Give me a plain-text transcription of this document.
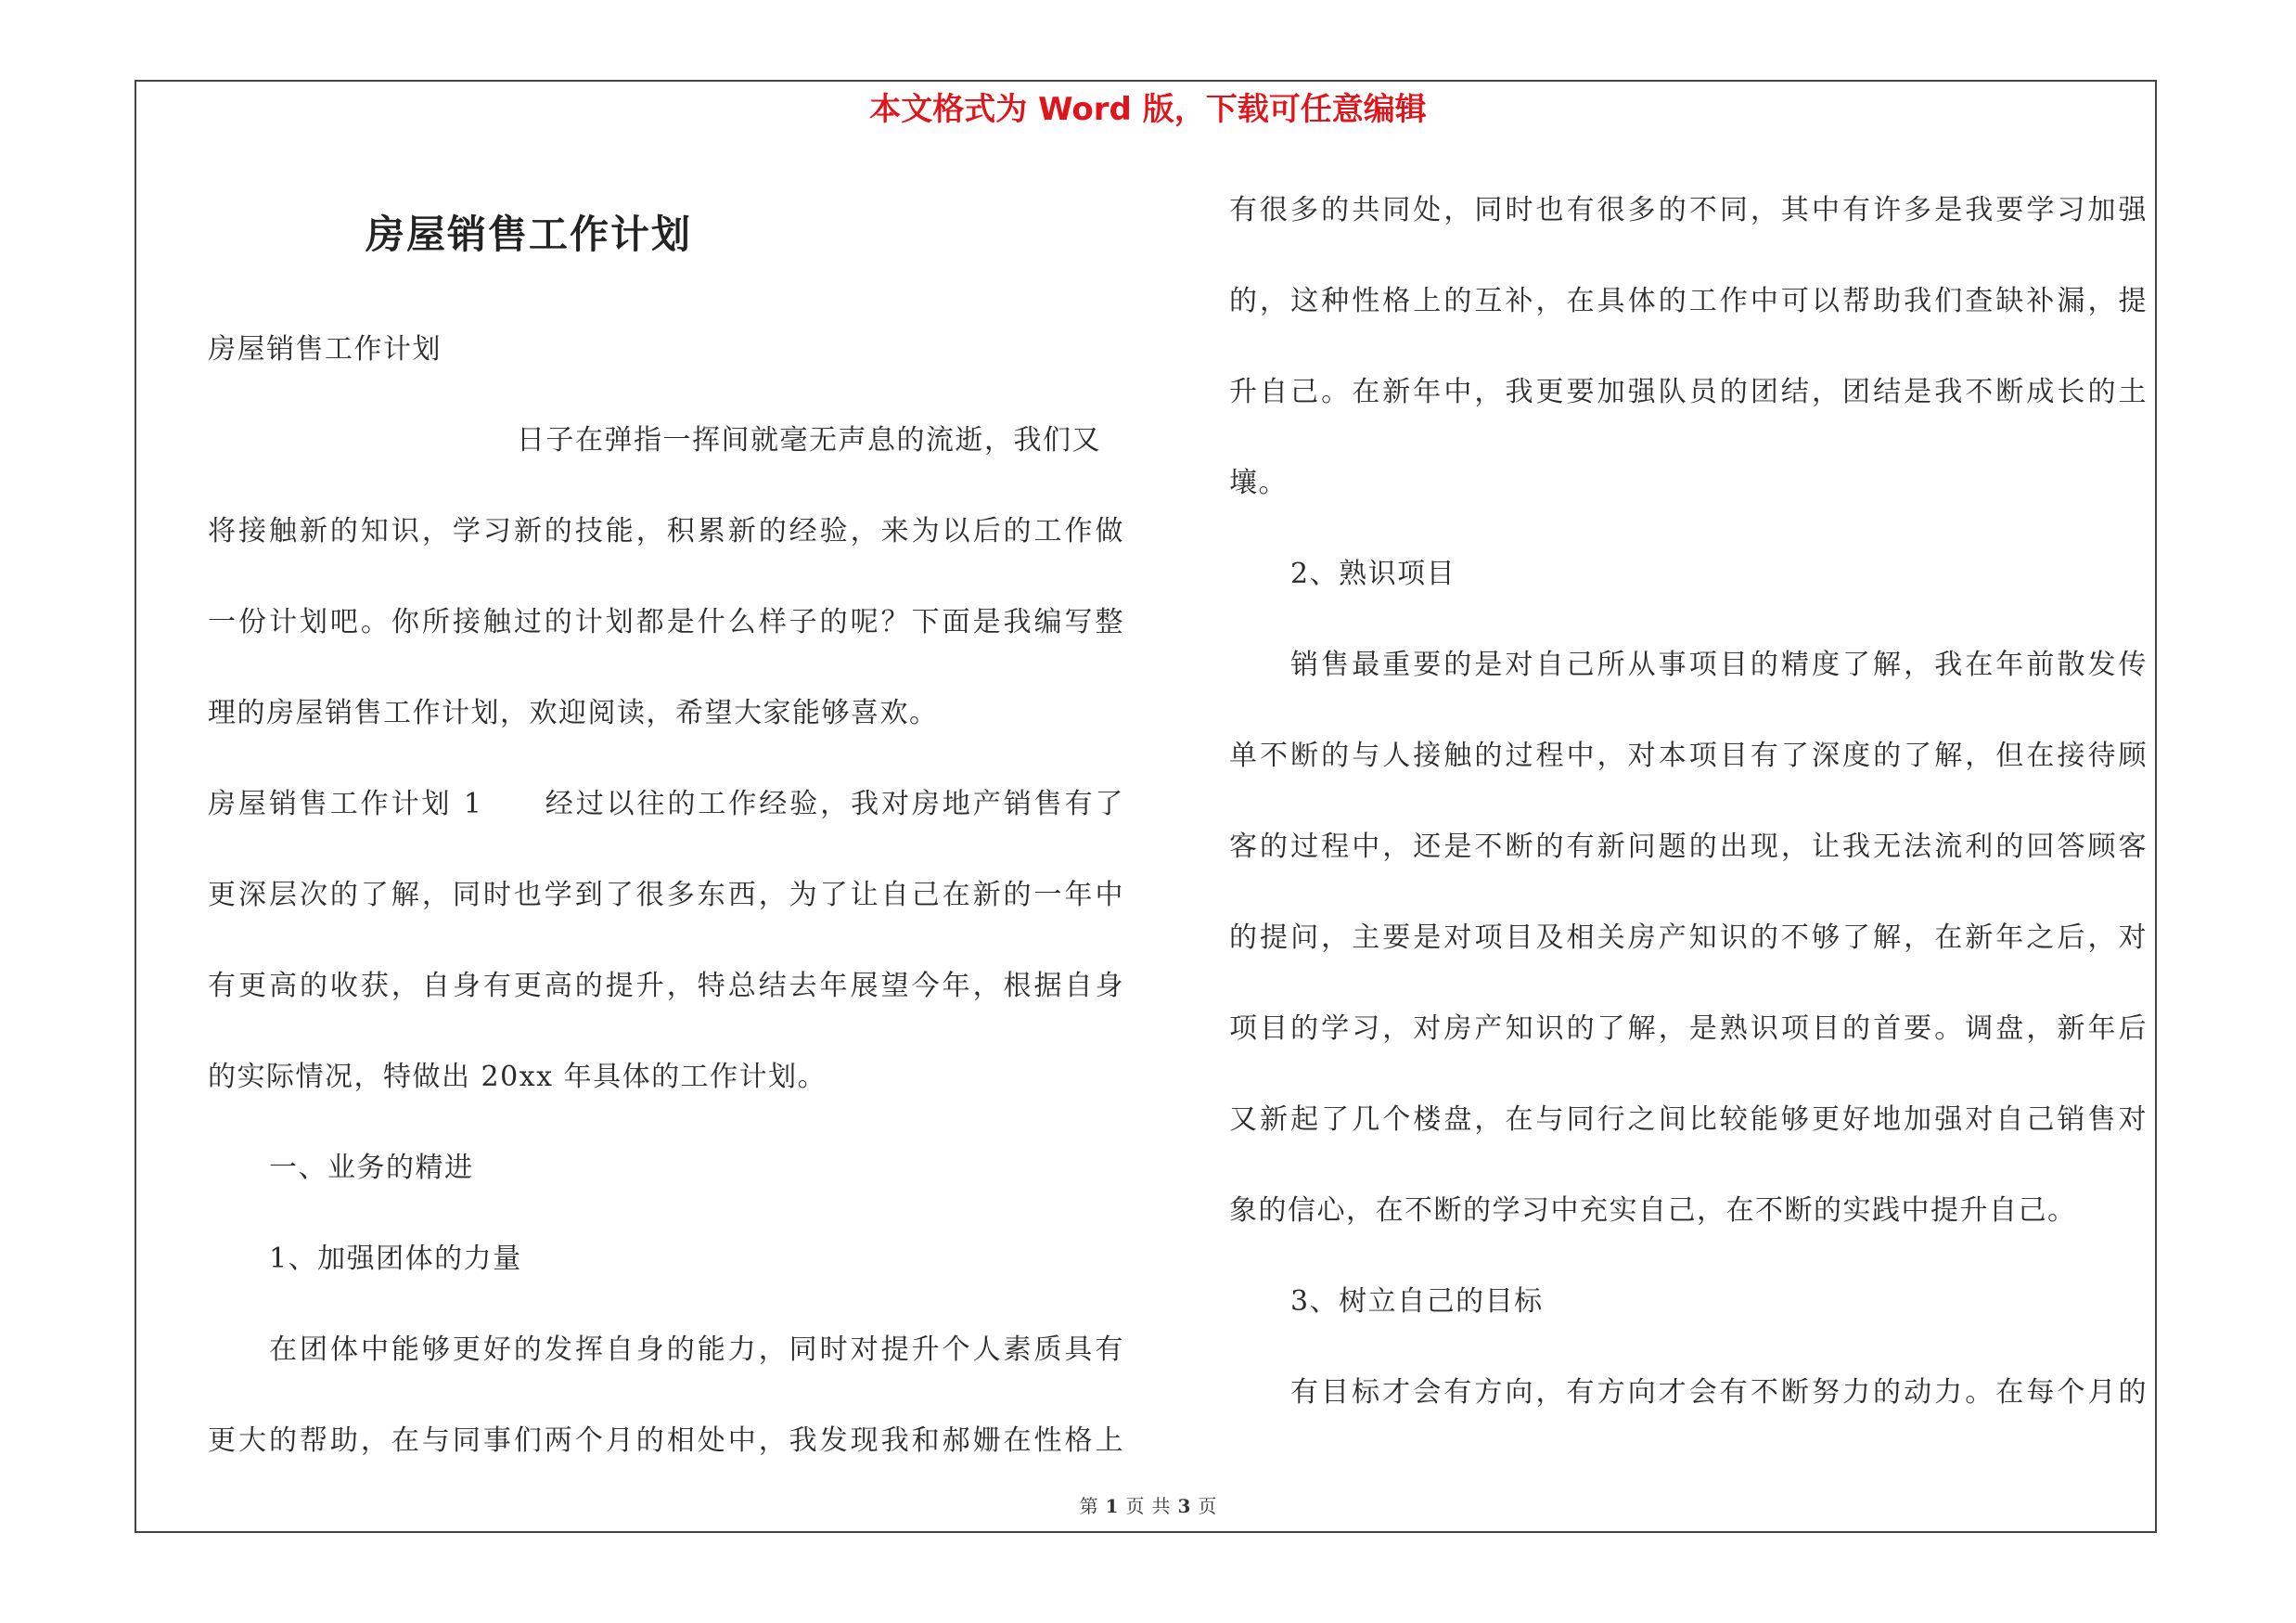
本文格式为 Word 版，下载可任意编辑
房屋销售工作计划
房屋销售工作计划
日子在弹指一挥间就毫无声息的流逝，我们又
将接触新的知识，学习新的技能，积累新的经验，来为以后的工作做
一份计划吧。你所接触过的计划都是什么样子的呢？下面是我编写整
理的房屋销售工作计划，欢迎阅读，希望大家能够喜欢。
房屋销售工作计划 1　　经过以往的工作经验，我对房地产销售有了
更深层次的了解，同时也学到了很多东西，为了让自己在新的一年中
有更高的收获，自身有更高的提升，特总结去年展望今年，根据自身
的实际情况，特做出 20xx 年具体的工作计划。
一、业务的精进
1、加强团体的力量
在团体中能够更好的发挥自身的能力，同时对提升个人素质具有
更大的帮助，在与同事们两个月的相处中，我发现我和郝姗在性格上
有很多的共同处，同时也有很多的不同，其中有许多是我要学习加强
的，这种性格上的互补，在具体的工作中可以帮助我们查缺补漏，提
升自己。在新年中，我更要加强队员的团结，团结是我不断成长的土
壤。
2、熟识项目
销售最重要的是对自己所从事项目的精度了解，我在年前散发传
单不断的与人接触的过程中，对本项目有了深度的了解，但在接待顾
客的过程中，还是不断的有新问题的出现，让我无法流利的回答顾客
的提问，主要是对项目及相关房产知识的不够了解，在新年之后，对
项目的学习，对房产知识的了解，是熟识项目的首要。调盘，新年后
又新起了几个楼盘，在与同行之间比较能够更好地加强对自己销售对
象的信心，在不断的学习中充实自己，在不断的实践中提升自己。
3、树立自己的目标
有目标才会有方向，有方向才会有不断努力的动力。在每个月的
第 1 页 共 3 页
